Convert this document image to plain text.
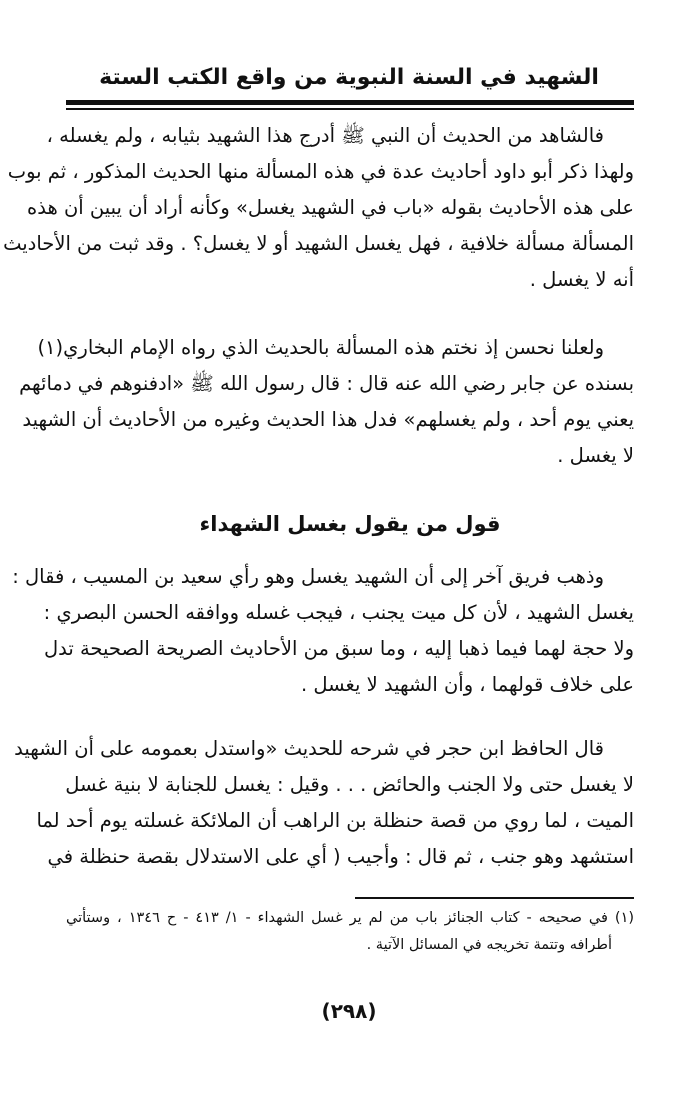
الشهيد في السنة النبوية من واقع الكتب الستة
فالشاهد من الحديث أن النبي ﷺ أدرج هذا الشهيد بثيابه ، ولم يغسله ،
ولهذا ذكر أبو داود أحاديث عدة في هذه المسألة منها الحديث المذكور ، ثم بوب
على هذه الأحاديث بقوله «باب في الشهيد يغسل» وكأنه أراد أن يبين أن هذه
المسألة مسألة خلافية ، فهل يغسل الشهيد أو لا يغسل؟ . وقد ثبت من الأحاديث
أنه لا يغسل .
ولعلنا نحسن إذ نختم هذه المسألة بالحديث الذي رواه الإمام البخاري(١)
بسنده عن جابر رضي الله عنه قال : قال رسول الله ﷺ «ادفنوهم في دمائهم
يعني يوم أحد ، ولم يغسلهم» فدل هذا الحديث وغيره من الأحاديث أن الشهيد
لا يغسل .
قول من يقول بغسل الشهداء
وذهب فريق آخر إلى أن الشهيد يغسل وهو رأي سعيد بن المسيب ، فقال :
يغسل الشهيد ، لأن كل ميت يجنب ، فيجب غسله ووافقه الحسن البصري :
ولا حجة لهما فيما ذهبا إليه ، وما سبق من الأحاديث الصريحة الصحيحة تدل
على خلاف قولهما ، وأن الشهيد لا يغسل .
قال الحافظ ابن حجر في شرحه للحديث «واستدل بعمومه على أن الشهيد
لا يغسل حتى ولا الجنب والحائض . . . وقيل : يغسل للجنابة لا بنية غسل
الميت ، لما روي من قصة حنظلة بن الراهب أن الملائكة غسلته يوم أحد لما
استشهد وهو جنب ، ثم قال : وأجيب ( أي على الاستدلال بقصة حنظلة في
(١) في صحيحه - كتاب الجنائز باب من لم ير غسل الشهداء - ١/ ٤١٣ - ح ١٣٤٦ ، وستأتي
أطرافه وتتمة تخريجه في المسائل الآتية .
(٢٩٨)
